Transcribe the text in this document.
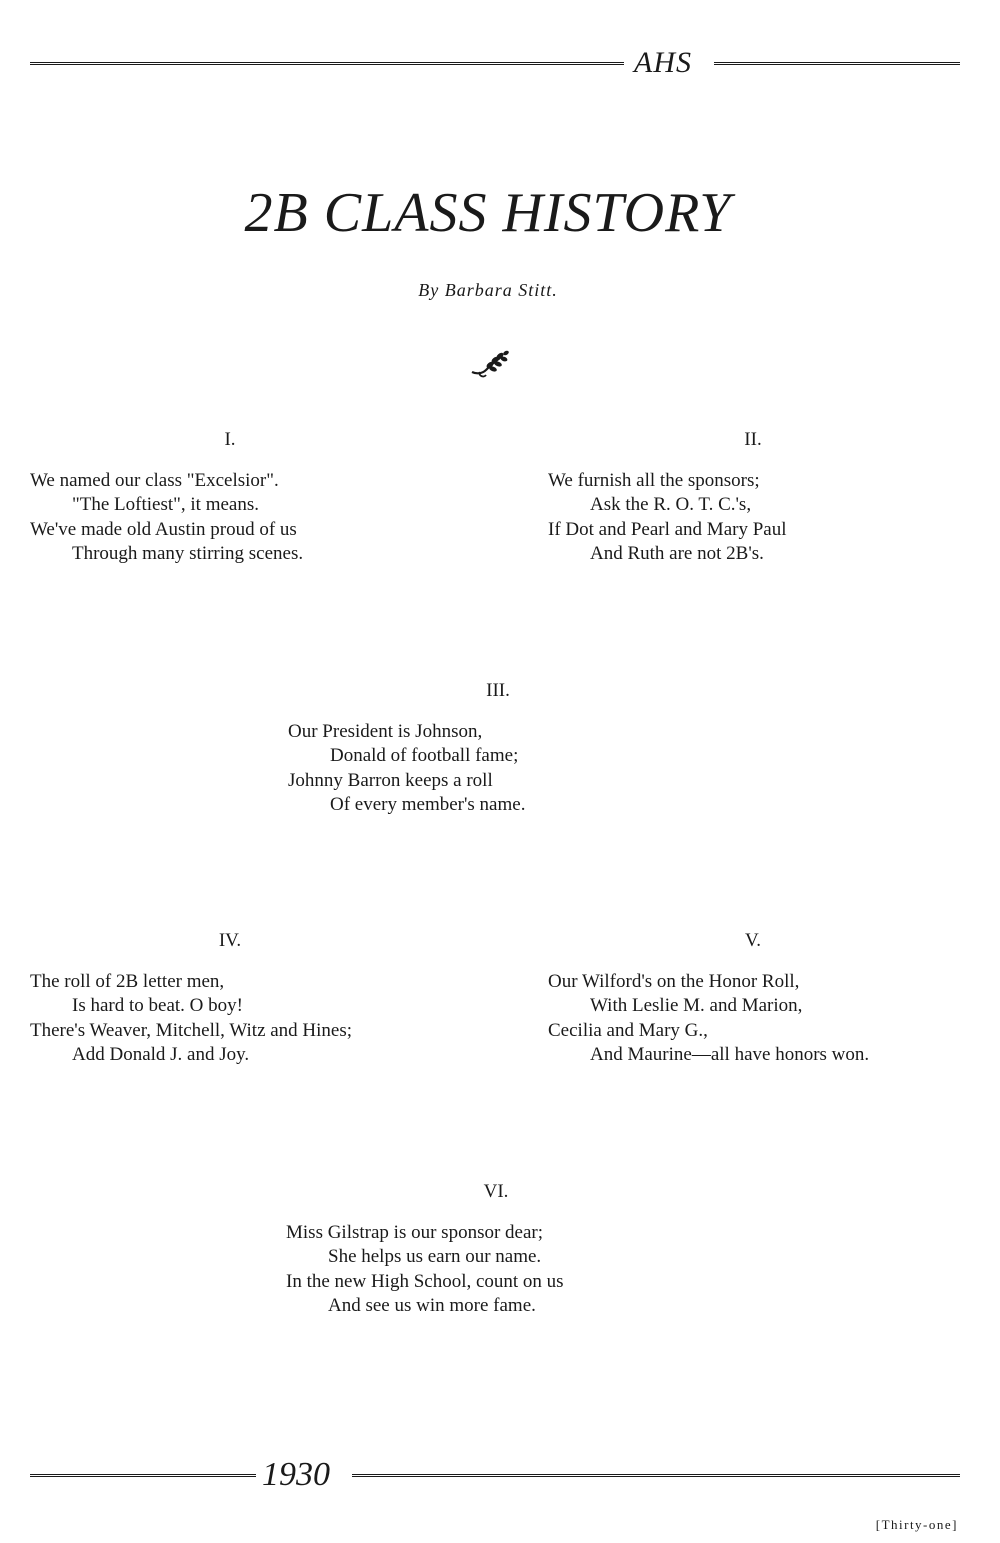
AHS
2B CLASS HISTORY
By Barbara Stitt.
I.
We named our class "Excelsior".
"The Loftiest", it means.
We've made old Austin proud of us
Through many stirring scenes.
II.
We furnish all the sponsors;
Ask the R. O. T. C.'s,
If Dot and Pearl and Mary Paul
And Ruth are not 2B's.
III.
Our President is Johnson,
Donald of football fame;
Johnny Barron keeps a roll
Of every member's name.
IV.
The roll of 2B letter men,
Is hard to beat. O boy!
There's Weaver, Mitchell, Witz and Hines;
Add Donald J. and Joy.
V.
Our Wilford's on the Honor Roll,
With Leslie M. and Marion,
Cecilia and Mary G.,
And Maurine—all have honors won.
VI.
Miss Gilstrap is our sponsor dear;
She helps us earn our name.
In the new High School, count on us
And see us win more fame.
1930
[Thirty-one]
